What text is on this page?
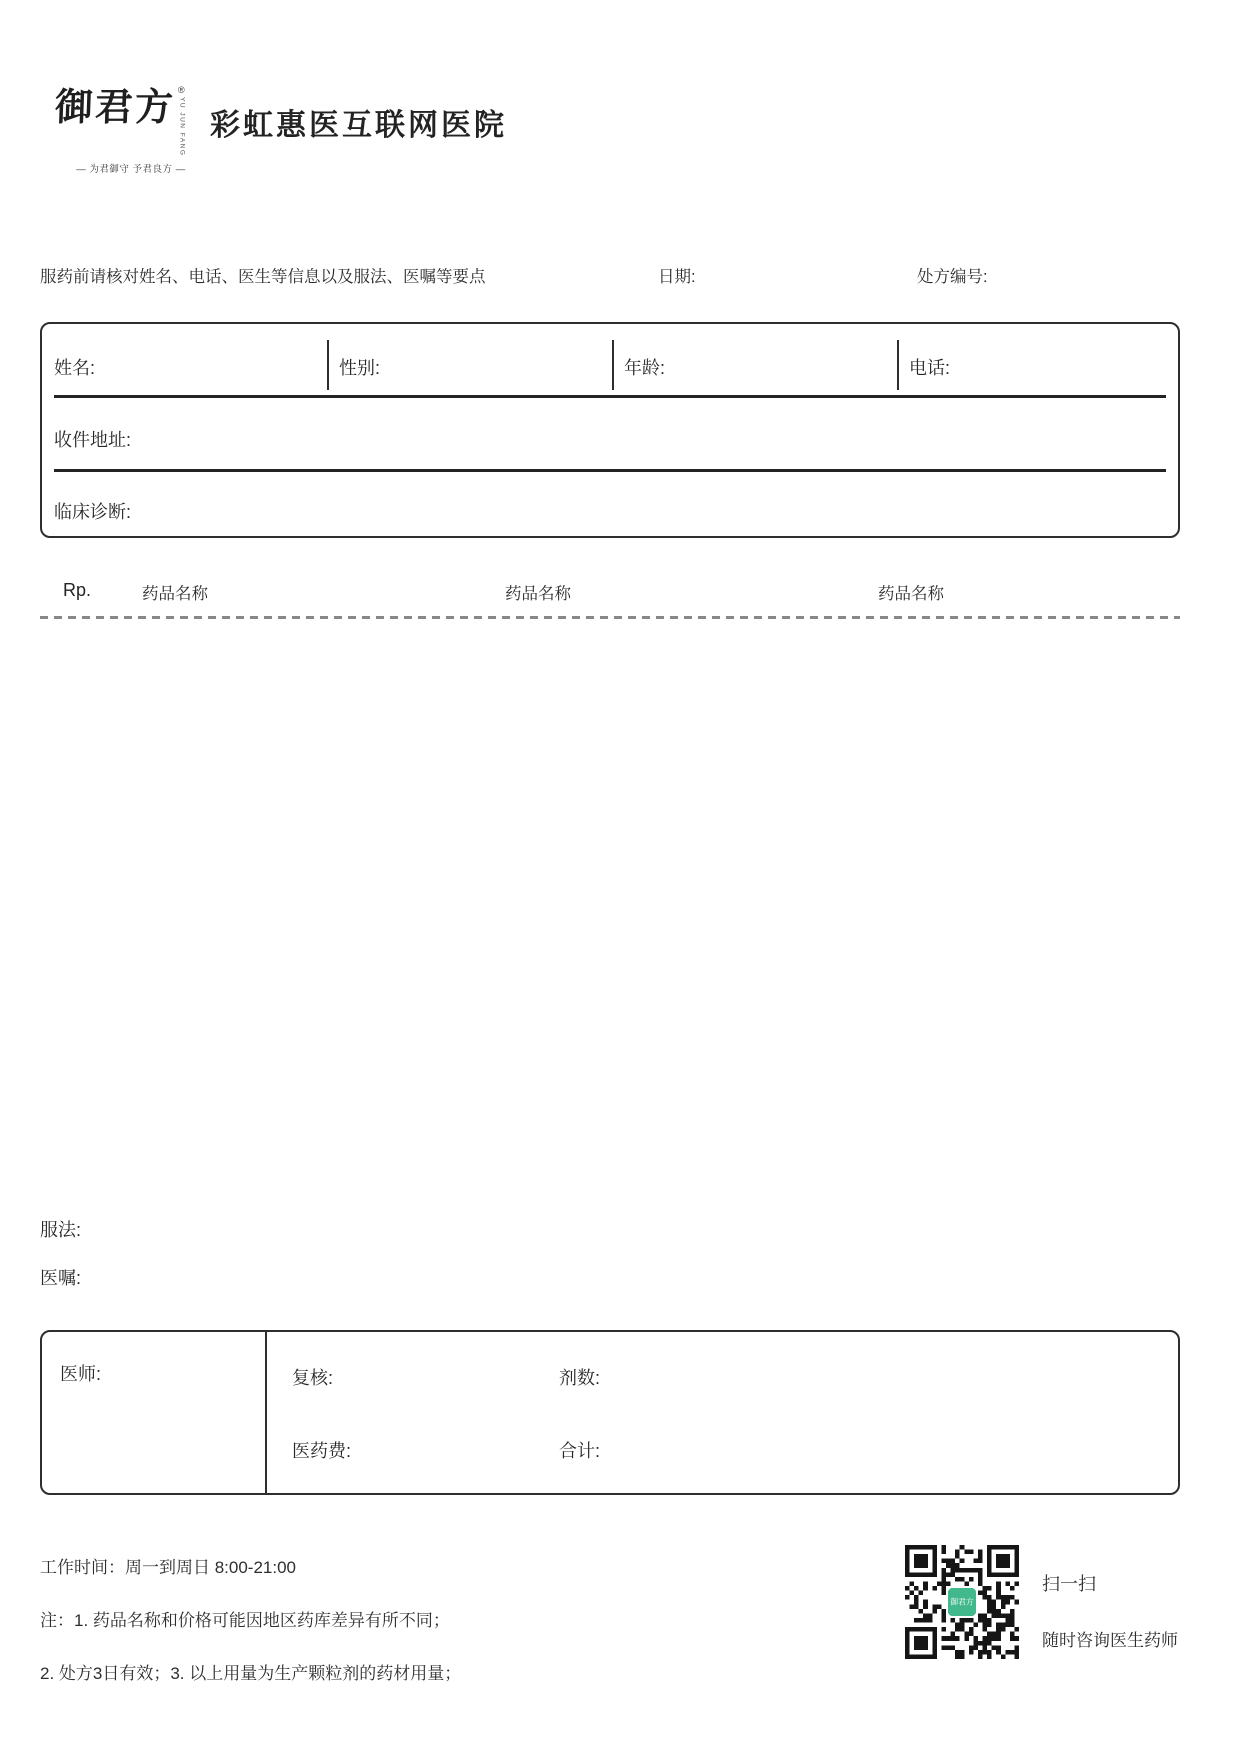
御君方 ®
YU JUN FANG
— 为君御守 予君良方 —
彩虹惠医互联网医院
服药前请核对姓名、电话、医生等信息以及服法、医嘱等要点	日期:	处方编号:
姓名:	性别:	年龄:	电话:
收件地址:
临床诊断:
Rp.	药品名称	药品名称	药品名称
服法:
医嘱:
医师:	复核:	剂数:
医药费:	合计:
工作时间：周一到周日 8:00-21:00
注：1. 药品名称和价格可能因地区药库差异有所不同；
2. 处方3日有效；3. 以上用量为生产颗粒剂的药材用量；
御君方
扫一扫
随时咨询医生药师
